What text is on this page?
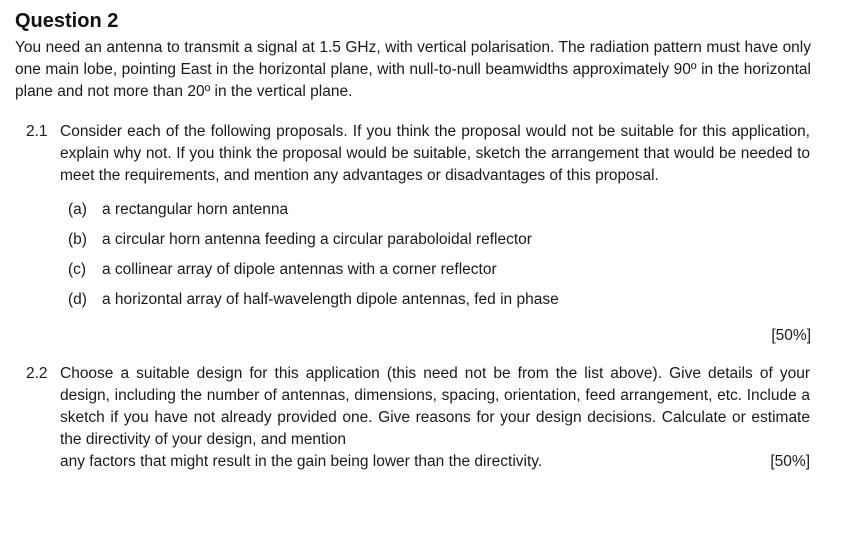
Question 2

You need an antenna to transmit a signal at 1.5 GHz, with vertical polarisation. The radiation pattern must have only one main lobe, pointing East in the horizontal plane, with null-to-null beamwidths approximately 90º in the horizontal plane and not more than 20º in the vertical plane.

2.1 Consider each of the following proposals. If you think the proposal would not be suitable for this application, explain why not. If you think the proposal would be suitable, sketch the arrangement that would be needed to meet the requirements, and mention any advantages or disadvantages of this proposal.
(a) a rectangular horn antenna
(b) a circular horn antenna feeding a circular paraboloidal reflector
(c) a collinear array of dipole antennas with a corner reflector
(d) a horizontal array of half-wavelength dipole antennas, fed in phase
[50%]
2.2 Choose a suitable design for this application (this need not be from the list above). Give details of your design, including the number of antennas, dimensions, spacing, orientation, feed arrangement, etc. Include a sketch if you have not already provided one. Give reasons for your design decisions. Calculate or estimate the directivity of your design, and mention
any factors that might result in the gain being lower than the directivity.	[50%]
